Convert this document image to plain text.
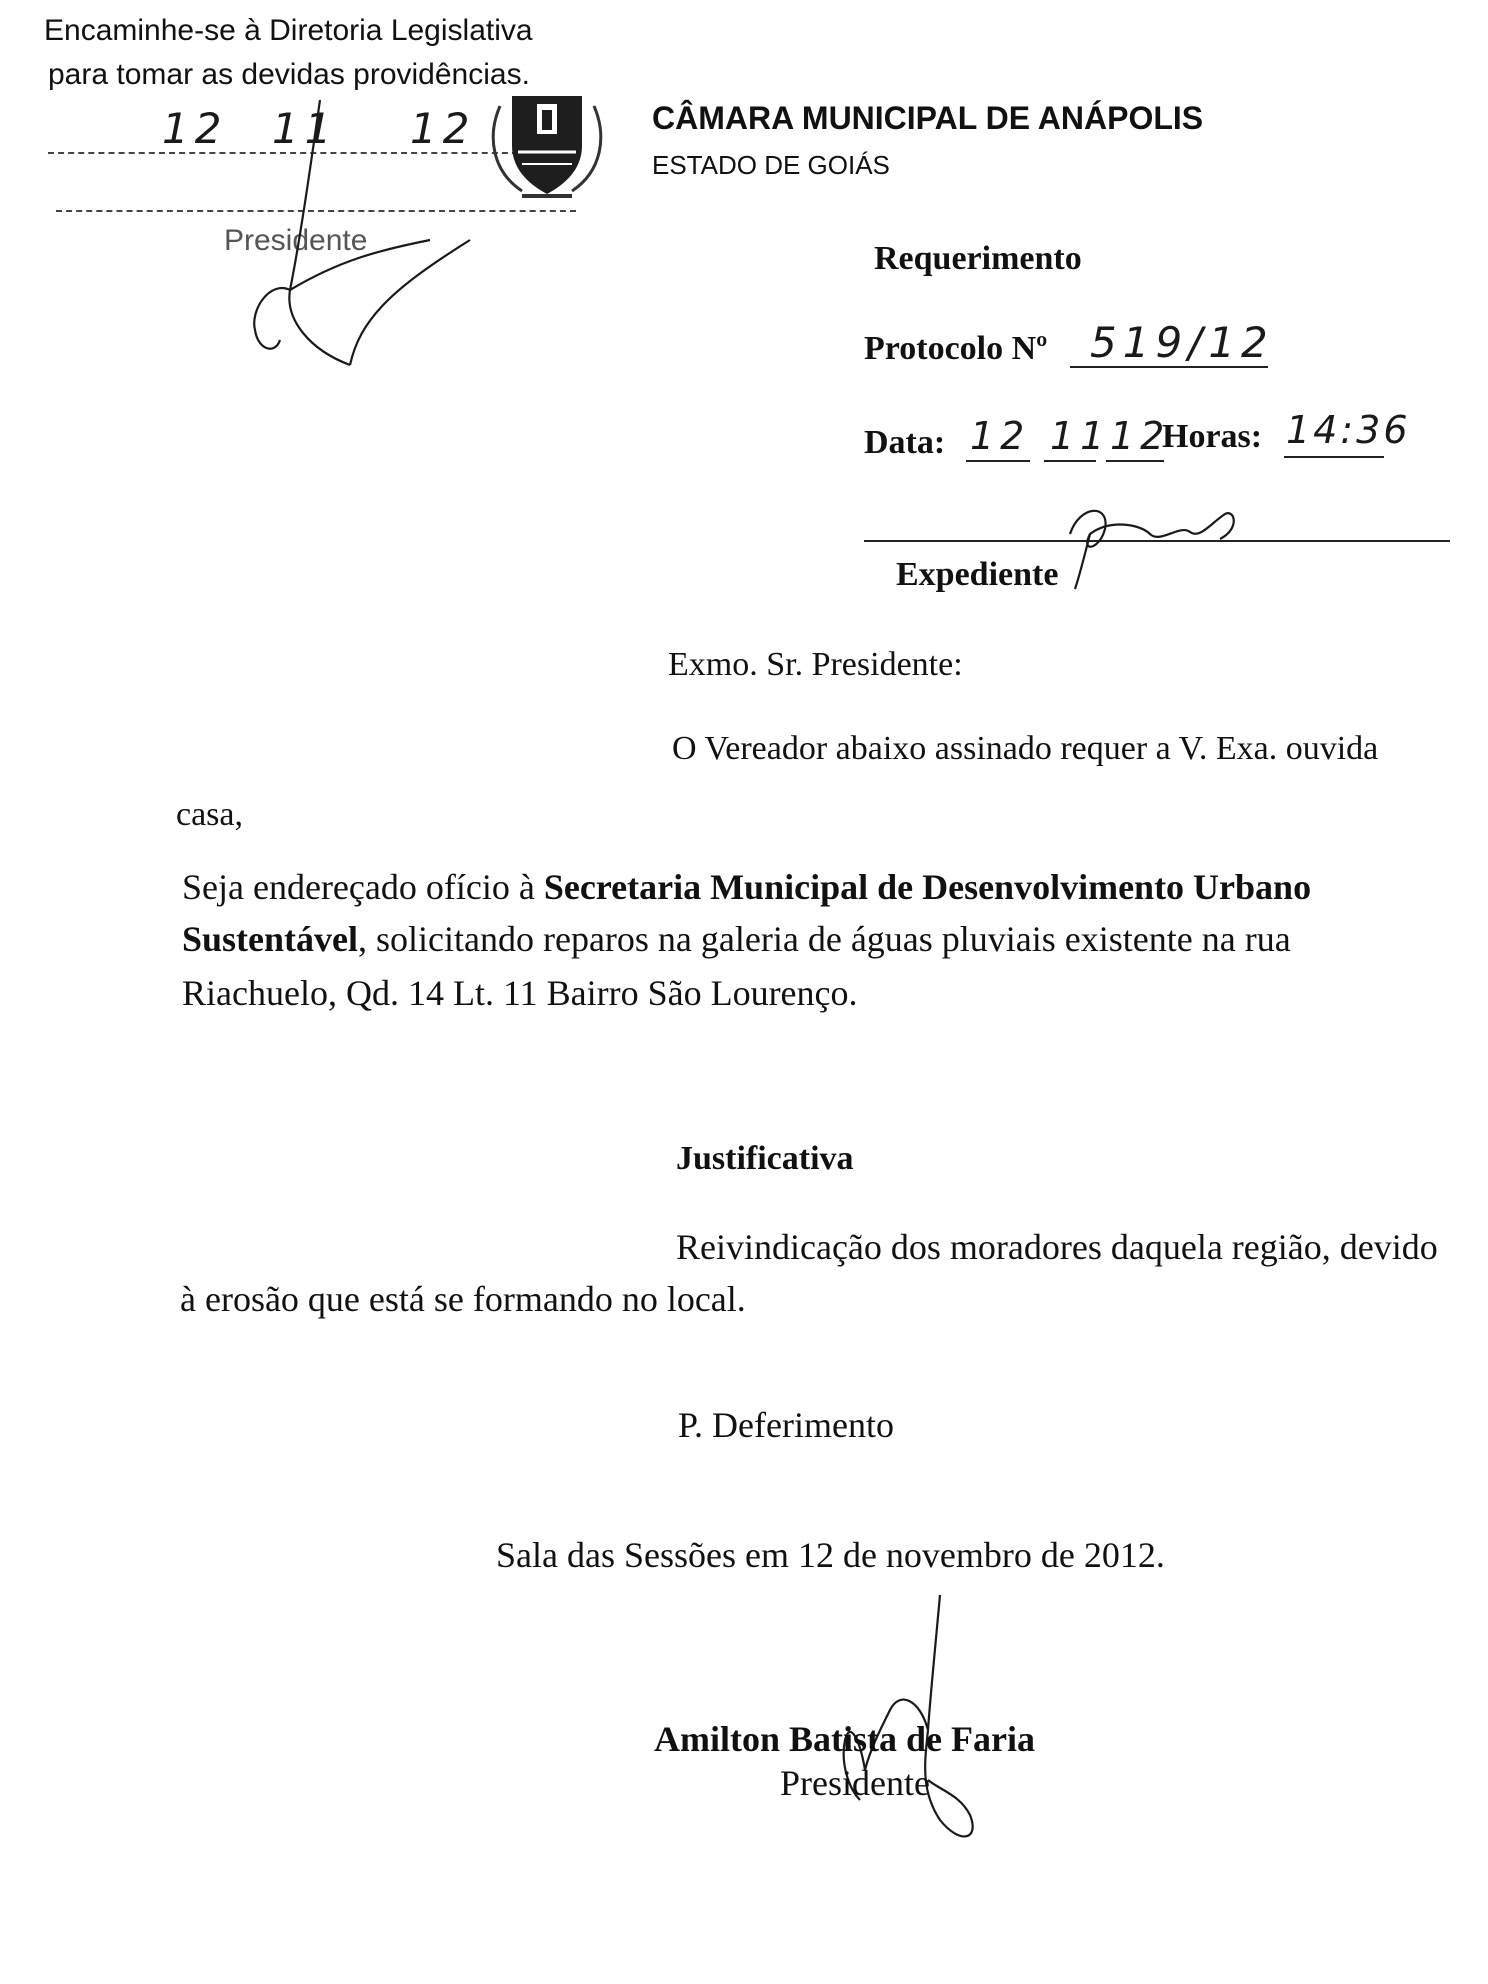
Encaminhe-se à Diretoria Legislativa
para tomar as devidas providências.
12 11 12
Presidente
CÂMARA MUNICIPAL DE ANÁPOLIS
ESTADO DE GOIÁS
Requerimento
Protocolo Nº 519/12
Data: 12 11 12
Horas: 14:36
Expediente
Exmo. Sr. Presidente:
O Vereador abaixo assinado requer a V. Exa. ouvida
casa,
Seja endereçado ofício à Secretaria Municipal de Desenvolvimento Urbano
Sustentável, solicitando reparos na galeria de águas pluviais existente na rua
Riachuelo, Qd. 14 Lt. 11 Bairro São Lourenço.
Justificativa
Reivindicação dos moradores daquela região, devido
à erosão que está se formando no local.
P. Deferimento
Sala das Sessões em 12 de novembro de 2012.
Amilton Batista de Faria
Presidente
